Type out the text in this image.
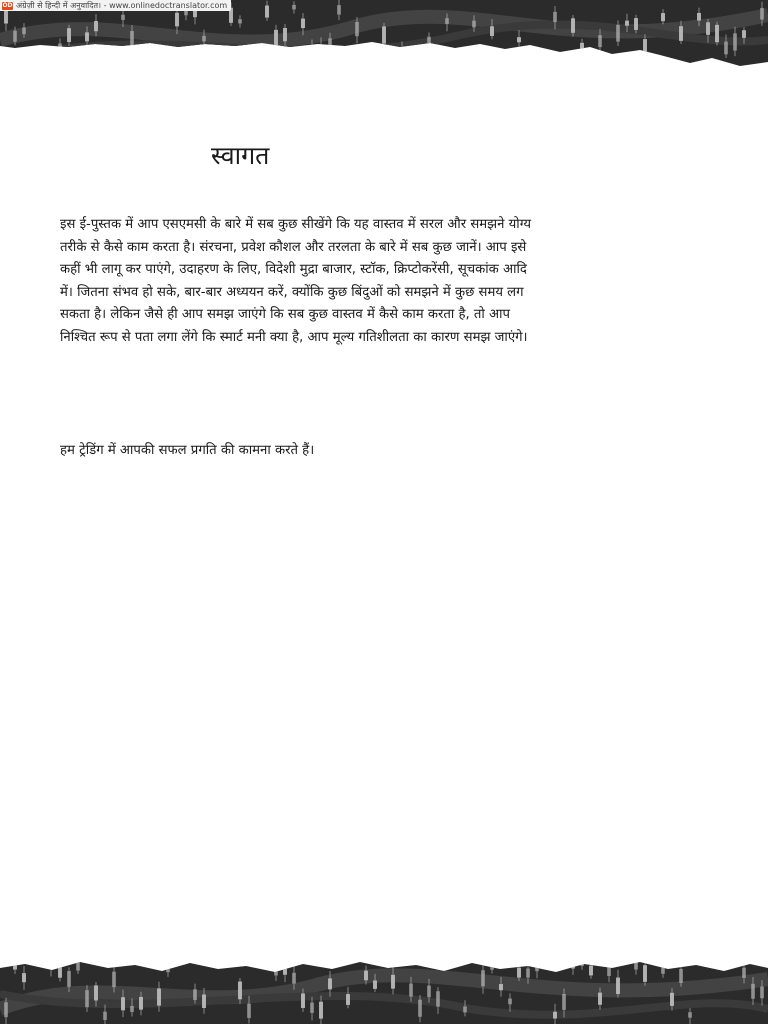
OD अंग्रेज़ी से हिन्दी में अनुवादित। - www.onlinedoctranslator.com
स्वागत
इस ई-पुस्तक में आप एसएमसी के बारे में सब कुछ सीखेंगे कि यह वास्तव में सरल और समझने योग्य
तरीके से कैसे काम करता है। संरचना, प्रवेश कौशल और तरलता के बारे में सब कुछ जानें। आप इसे
कहीं भी लागू कर पाएंगे, उदाहरण के लिए, विदेशी मुद्रा बाजार, स्टॉक, क्रिप्टोकरेंसी, सूचकांक आदि
में। जितना संभव हो सके, बार-बार अध्ययन करें, क्योंकि कुछ बिंदुओं को समझने में कुछ समय लग
सकता है। लेकिन जैसे ही आप समझ जाएंगे कि सब कुछ वास्तव में कैसे काम करता है, तो आप
निश्चित रूप से पता लगा लेंगे कि स्मार्ट मनी क्या है, आप मूल्य गतिशीलता का कारण समझ जाएंगे।
हम ट्रेडिंग में आपकी सफल प्रगति की कामना करते हैं।
